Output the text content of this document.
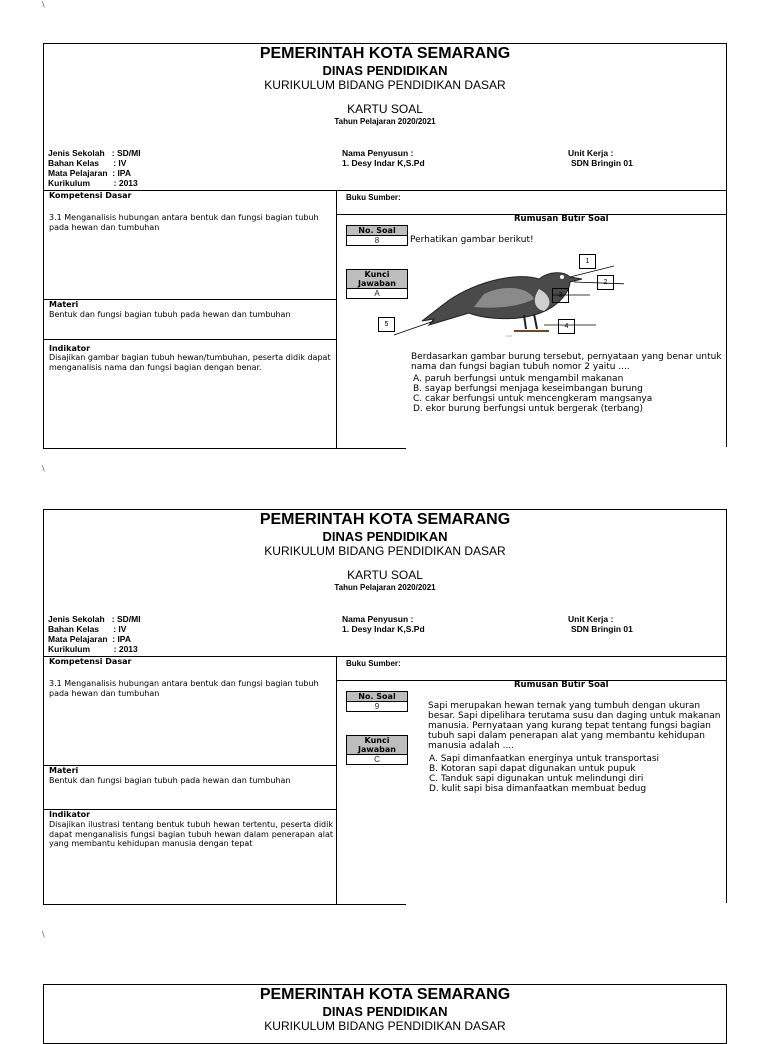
\
\
\
PEMERINTAH KOTA SEMARANG
DINAS PENDIDIKAN
KURIKULUM BIDANG PENDIDIKAN DASAR
KARTU SOAL
Tahun Pelajaran 2020/2021
Jenis Sekolah   : SD/MI
Bahan Kelas      : IV
Mata Pelajaran  : IPA
Kurikulum          : 2013
Nama Penyusun :
1. Desy Indar K,S.Pd
Unit Kerja :
SDN Bringin 01
Kompetensi Dasar
3.1 Menganalisis hubungan antara bentuk dan fungsi bagian tubuh pada hewan dan tumbuhan
Materi
Bentuk dan fungsi bagian tubuh pada hewan dan tumbuhan
Indikator
Disajikan gambar bagian tubuh hewan/tumbuhan, peserta didik dapat menganalisis nama dan fungsi bagian dengan benar.
Buku Sumber:
Rumusan Butir Soal
No. Soal
8
Kunci Jawaban
A
Perhatikan gambar berikut!
bird
1
2
3
4
5
Berdasarkan gambar burung tersebut, pernyataan yang benar untuk nama dan fungsi bagian tubuh nomor 2 yaitu ....
A. paruh berfungsi untuk mengambil makanan
B. sayap berfungsi menjaga keseimbangan burung
C. cakar berfungsi untuk mencengkeram mangsanya
D. ekor burung berfungsi untuk bergerak (terbang)
PEMERINTAH KOTA SEMARANG
DINAS PENDIDIKAN
KURIKULUM BIDANG PENDIDIKAN DASAR
KARTU SOAL
Tahun Pelajaran 2020/2021
Jenis Sekolah   : SD/MI
Bahan Kelas      : IV
Mata Pelajaran  : IPA
Kurikulum          : 2013
Nama Penyusun :
1. Desy Indar K,S.Pd
Unit Kerja :
SDN Bringin 01
Kompetensi Dasar
3.1 Menganalisis hubungan antara bentuk dan fungsi bagian tubuh pada hewan dan tumbuhan
Materi
Bentuk dan fungsi bagian tubuh pada hewan dan tumbuhan
Indikator
Disajikan ilustrasi tentang bentuk tubuh hewan tertentu, peserta didik dapat menganalisis fungsi bagian tubuh hewan dalam penerapan alat yang membantu kehidupan manusia dengan tepat
Buku Sumber:
Rumusan Butir Soal
No. Soal
9
Kunci Jawaban
C
Sapi merupakan hewan ternak yang tumbuh dengan ukuran besar. Sapi dipelihara terutama susu dan daging untuk makanan manusia. Pernyataan yang kurang tepat tentang fungsi bagian tubuh sapi dalam penerapan alat yang membantu kehidupan manusia adalah ....
A. Sapi dimanfaatkan energinya untuk transportasi
B. Kotoran sapi dapat digunakan untuk pupuk
C. Tanduk sapi digunakan untuk melindungi diri
D. kulit sapi bisa dimanfaatkan membuat bedug
PEMERINTAH KOTA SEMARANG
DINAS PENDIDIKAN
KURIKULUM BIDANG PENDIDIKAN DASAR
